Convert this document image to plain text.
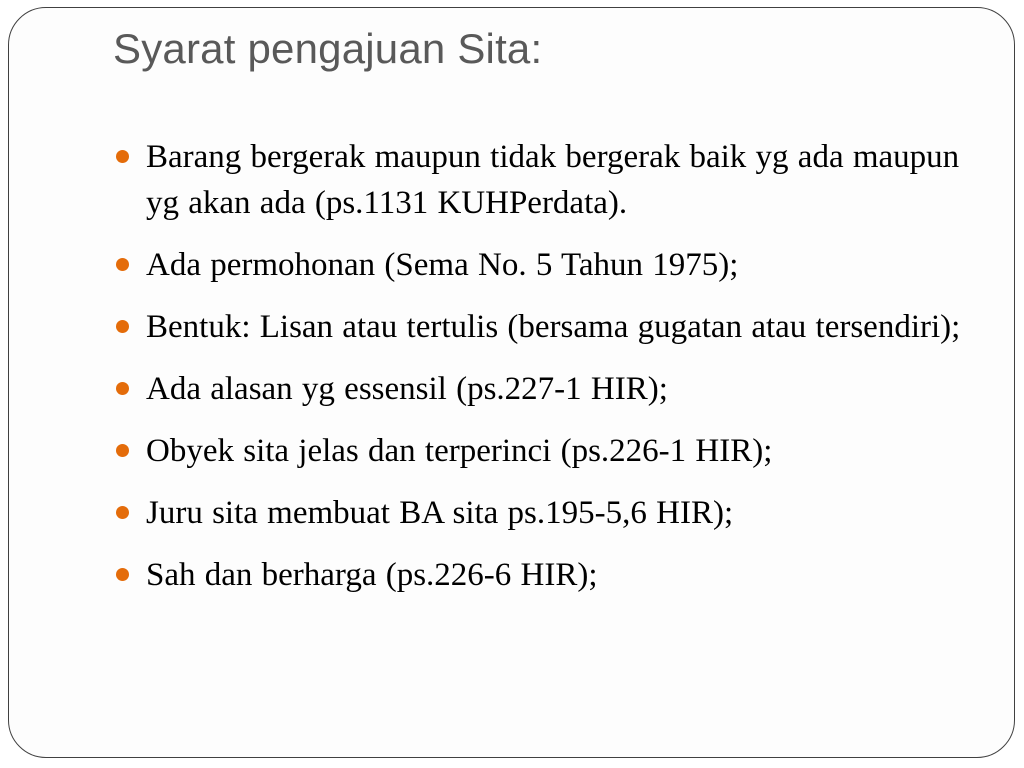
Syarat pengajuan Sita:
Barang bergerak maupun tidak bergerak baik yg ada maupun yg akan ada (ps.1131 KUHPerdata).
Ada permohonan (Sema No. 5 Tahun 1975);
Bentuk: Lisan atau tertulis (bersama gugatan atau tersendiri);
Ada alasan yg essensil (ps.227-1 HIR);
Obyek sita jelas dan terperinci (ps.226-1 HIR);
Juru sita membuat BA sita ps.195-5,6 HIR);
Sah dan berharga (ps.226-6 HIR);
